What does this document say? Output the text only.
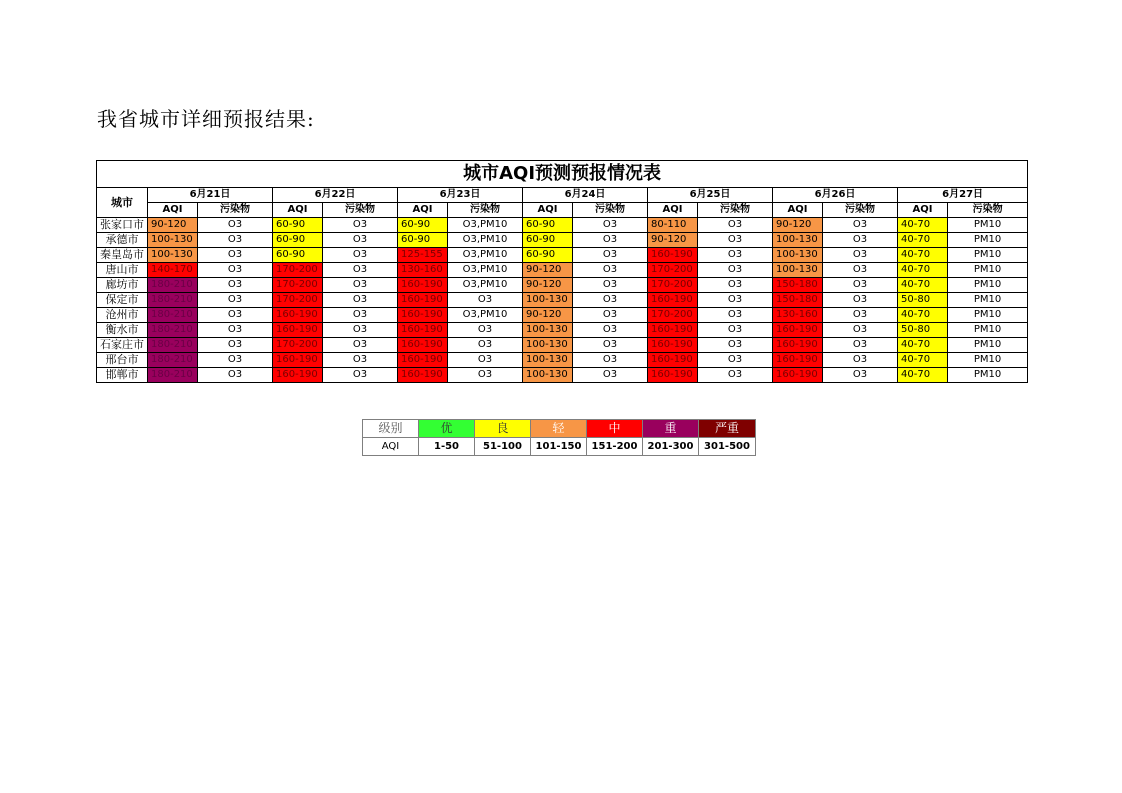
我省城市详细预报结果:

城市AQI预测预报情况表														
城市	6月21日		6月22日		6月23日		6月24日		6月25日		6月26日		6月27日	
	AQI	污染物	AQI	污染物	AQI	污染物	AQI	污染物	AQI	污染物	AQI	污染物	AQI	污染物
张家口市	90-120	O3	60-90	O3	60-90	O3,PM10	60-90	O3	80-110	O3	90-120	O3	40-70	PM10
承德市	100-130	O3	60-90	O3	60-90	O3,PM10	60-90	O3	90-120	O3	100-130	O3	40-70	PM10
秦皇岛市	100-130	O3	60-90	O3	125-155	O3,PM10	60-90	O3	160-190	O3	100-130	O3	40-70	PM10
唐山市	140-170	O3	170-200	O3	130-160	O3,PM10	90-120	O3	170-200	O3	100-130	O3	40-70	PM10
廊坊市	180-210	O3	170-200	O3	160-190	O3,PM10	90-120	O3	170-200	O3	150-180	O3	40-70	PM10
保定市	180-210	O3	170-200	O3	160-190	O3	100-130	O3	160-190	O3	150-180	O3	50-80	PM10
沧州市	180-210	O3	160-190	O3	160-190	O3,PM10	90-120	O3	170-200	O3	130-160	O3	40-70	PM10
衡水市	180-210	O3	160-190	O3	160-190	O3	100-130	O3	160-190	O3	160-190	O3	50-80	PM10
石家庄市	180-210	O3	170-200	O3	160-190	O3	100-130	O3	160-190	O3	160-190	O3	40-70	PM10
邢台市	180-210	O3	160-190	O3	160-190	O3	100-130	O3	160-190	O3	160-190	O3	40-70	PM10
邯郸市	180-210	O3	160-190	O3	160-190	O3	100-130	O3	160-190	O3	160-190	O3	40-70	PM10
级别	优	良	轻	中	重	严重
AQI	1-50	51-100	101-150	151-200	201-300	301-500
